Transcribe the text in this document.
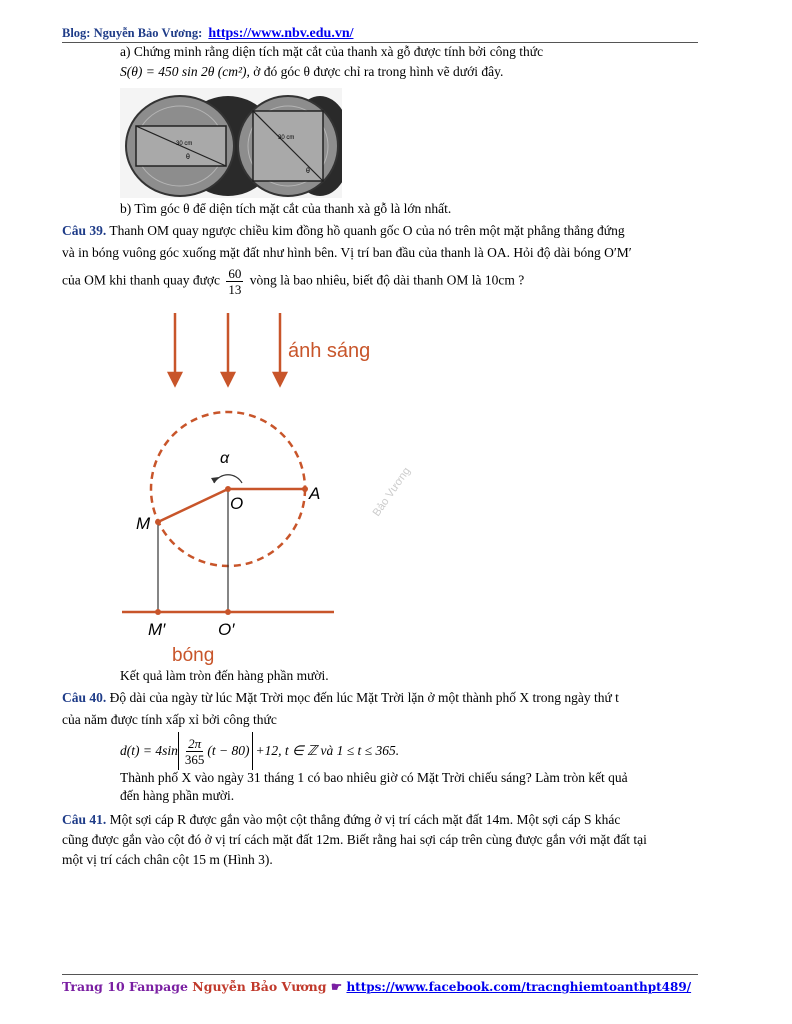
Blog: Nguyễn Bảo Vương: https://www.nbv.edu.vn/
a) Chứng minh rằng diện tích mặt cắt của thanh xà gỗ được tính bởi công thức
S(θ) = 450 sin 2θ (cm²), ở đó góc θ được chỉ ra trong hình vẽ dưới đây.
30 cm
θ
30 cm
θ
b) Tìm góc θ để diện tích mặt cắt của thanh xà gỗ là lớn nhất.
Câu 39. Thanh OM quay ngược chiều kim đồng hồ quanh gốc O của nó trên một mặt phẳng thẳng đứng
và in bóng vuông góc xuống mặt đất như hình bên. Vị trí ban đầu của thanh là OA. Hỏi độ dài bóng O′M′
của OM khi thanh quay được $\frac{60}{13}$ vòng là bao nhiêu, biết độ dài thanh OM là 10cm ?
ánh sáng
α
O
A
M
M′	O′
bóng
Bảo Vương
Kết quả làm tròn đến hàng phần mười.
Câu 40. Độ dài của ngày từ lúc Mặt Trời mọc đến lúc Mặt Trời lặn ở một thành phố X trong ngày thứ t
của năm được tính xấp xỉ bởi công thức
$d(t) = 4\sin \frac{2\pi}{365} (t - 80) +12$, t ∈ ℤ và 1 ≤ t ≤ 365.
Thành phố X vào ngày 31 tháng 1 có bao nhiêu giờ có Mặt Trời chiếu sáng? Làm tròn kết quả
đến hàng phần mười.
Câu 41. Một sợi cáp R được gắn vào một cột thẳng đứng ở vị trí cách mặt đất 14m. Một sợi cáp S khác
cũng được gắn vào cột đó ở vị trí cách mặt đất 12m. Biết rằng hai sợi cáp trên cùng được gắn với mặt đất tại
một vị trí cách chân cột 15 m (Hình 3).
Trang 10 Fanpage Nguyễn Bảo Vương ☛ https://www.facebook.com/tracnghiemtoanthpt489/
